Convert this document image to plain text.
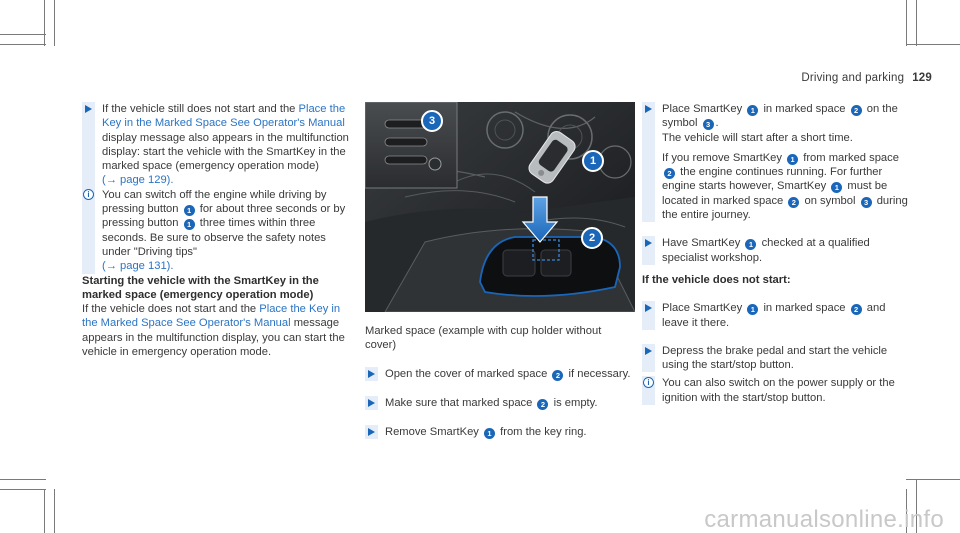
Driving and parking 129
If the vehicle still does not start and the Place the Key in the Marked Space See Operator's Manual display message also appears in the multifunction display: start the vehicle with the SmartKey in the marked space (emergency operation mode)
(→ page 129).
i	You can switch off the engine while driving by pressing button 1 for about three seconds or by pressing button 1 three times within three seconds. Be sure to observe the safety notes under "Driving tips"
(→ page 131).
Starting the vehicle with the SmartKey in the marked space (emergency operation mode)
If the vehicle does not start and the Place the Key in the Marked Space See Operator's Manual message appears in the multifunction display, you can start the vehicle in emergency operation mode.
3
1
2
Marked space (example with cup holder without cover)
Open the cover of marked space 2 if necessary.
Make sure that marked space 2 is empty.
Remove SmartKey 1 from the key ring.
Place SmartKey 1 in marked space 2 on the symbol 3 .
The vehicle will start after a short time.
If you remove SmartKey 1 from marked space 2 the engine continues running. For further engine starts however, SmartKey 1 must be located in marked space 2 on symbol 3 during the entire journey.
Have SmartKey 1 checked at a qualified specialist workshop.
If the vehicle does not start:
Place SmartKey 1 in marked space 2 and leave it there.
Depress the brake pedal and start the vehicle using the start/stop button.
i	You can also switch on the power supply or the ignition with the start/stop button.
carmanualsonline.info
